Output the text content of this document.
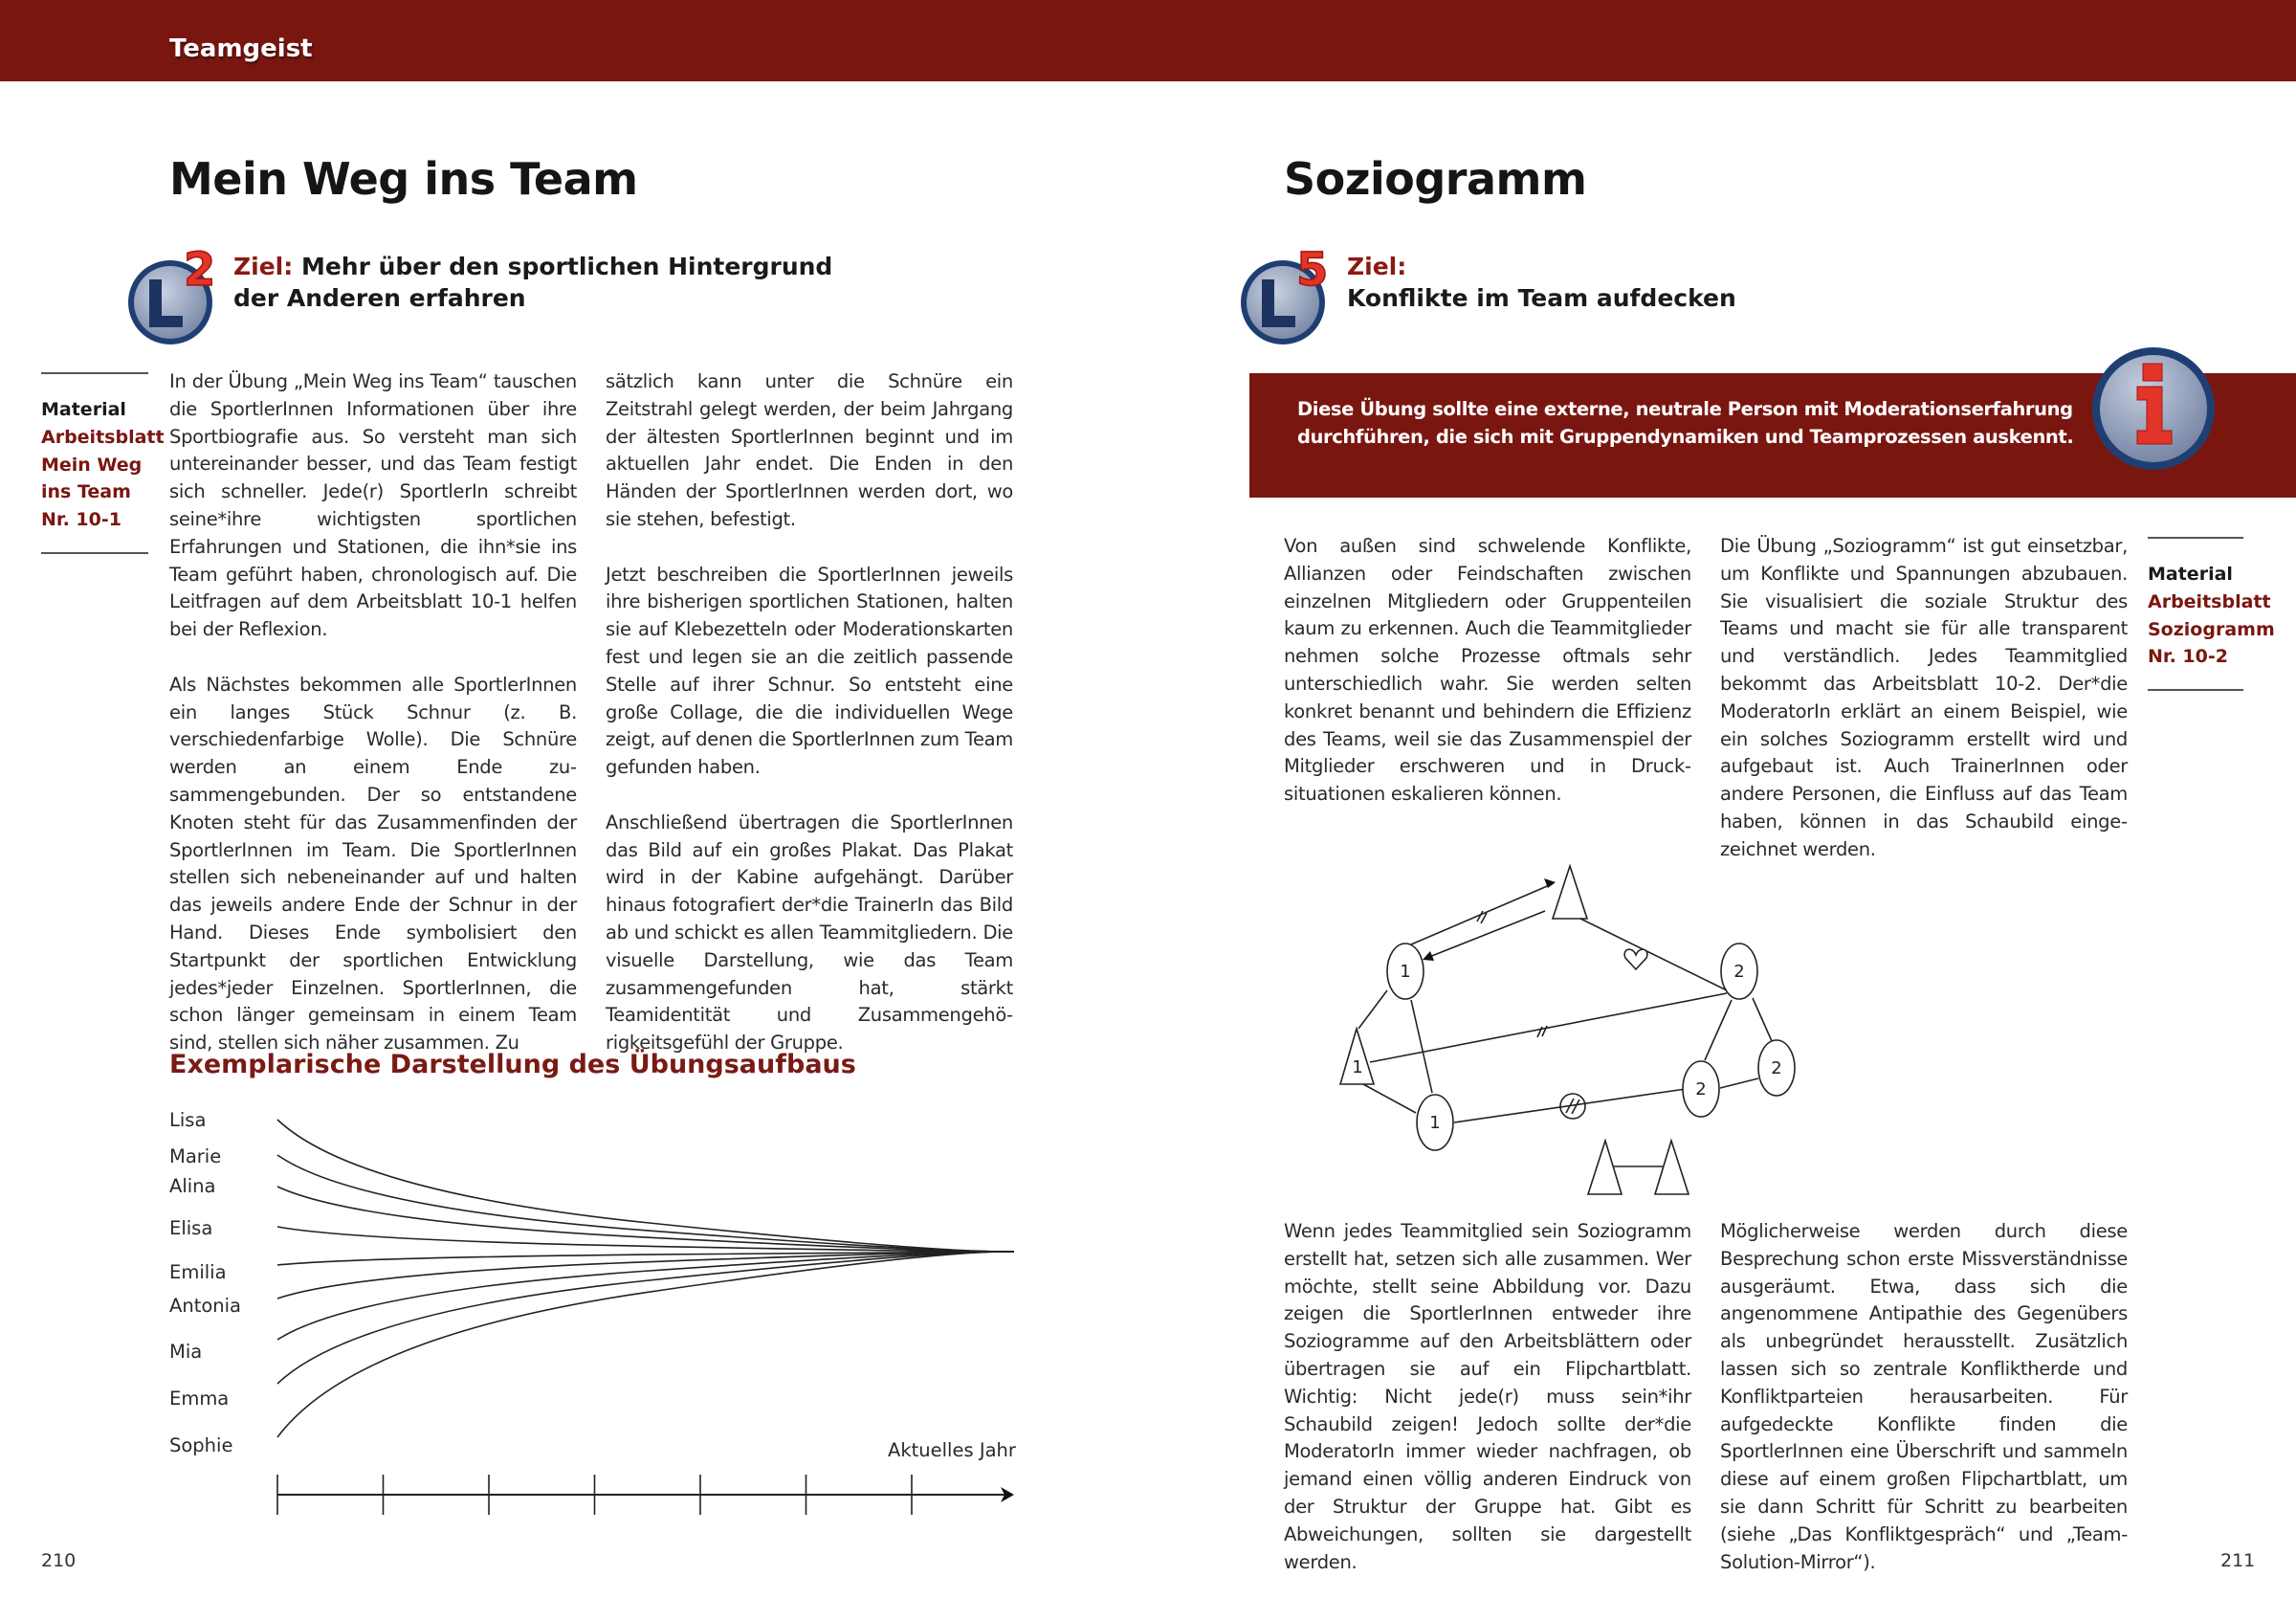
Teamgeist
Mein Weg ins Team
2 Ziel: Mehr über den sportlichen Hintergrund
der Anderen erfahren
Material
Arbeitsblatt
Mein Weg
ins Team
Nr. 10-1

In der Übung „Mein Weg ins Team“ tauschen die SportlerInnen Informationen über ihre Sportbiografie aus. So versteht man sich untereinander besser, und das Team festigt sich schneller. Jede(r) SportlerIn schreibt seine*ihre wichtigsten sportlichen Erfahrungen und Stationen, die ihn*sie ins Team geführt haben, chronologisch auf. Die Leitfragen auf dem Arbeitsblatt 10-1 helfen bei der Reflexion.

Als Nächstes bekommen alle SportlerInnen ein langes Stück Schnur (z. B. verschiedenfarbige Wolle). Die Schnüre werden an einem Ende zusammengebunden. Der so entstandene Knoten steht für das Zusammenfinden der SportlerInnen im Team. Die SportlerInnen stellen sich nebeneinander auf und halten das jeweils andere Ende der Schnur in der Hand. Dieses Ende symbolisiert den Startpunkt der sportlichen Entwicklung jedes*jeder Einzelnen. SportlerInnen, die schon länger gemeinsam in einem Team sind, stellen sich näher zusammen. Zu

sätzlich kann unter die Schnüre ein Zeitstrahl gelegt werden, der beim Jahrgang der ältesten SportlerInnen beginnt und im aktuellen Jahr endet. Die Enden in den Händen der SportlerInnen werden dort, wo sie stehen, befestigt.

Jetzt beschreiben die SportlerInnen jeweils ihre bisherigen sportlichen Stationen, halten sie auf Klebezetteln oder Moderationskarten fest und legen sie an die zeitlich passende Stelle auf ihrer Schnur. So entsteht eine große Collage, die die individuellen Wege zeigt, auf denen die SportlerInnen zum Team gefunden haben.

Anschließend übertragen die SportlerInnen das Bild auf ein großes Plakat. Das Plakat wird in der Kabine aufgehängt. Darüber hinaus fotografiert der*die TrainerIn das Bild ab und schickt es allen Teammitgliedern. Die visuelle Darstellung, wie das Team zusammengefunden hat, stärkt Teamidentität und Zusammengehörigkeitsgefühl der Gruppe.

Exemplarische Darstellung des Übungsaufbaus
Lisa
Marie
Alina
Elisa
Emilia
Antonia
Mia
Emma
Sophie	Aktuelles Jahr
210
Soziogramm
5 Ziel:
Konflikte im Team aufdecken
Diese Übung sollte eine externe, neutrale Person mit Moderationserfahrung
durchführen, die sich mit Gruppendynamiken und Teamprozessen auskennt.
Material
Arbeitsblatt
Soziogramm
Nr. 10-2

Von außen sind schwelende Konflikte, Allianzen oder Feindschaften zwischen einzelnen Mitgliedern oder Gruppenteilen kaum zu erkennen. Auch die Teammitglieder nehmen solche Prozesse oftmals sehr unterschiedlich wahr. Sie werden selten konkret benannt und behindern die Effizienz des Teams, weil sie das Zusammenspiel der Mitglieder erschweren und in Drucksituationen eskalieren können.

Die Übung „Soziogramm“ ist gut einsetzbar, um Konflikte und Spannungen abzubauen. Sie visualisiert die soziale Struktur des Teams und macht sie für alle transparent und verständlich. Jedes Teammitglied bekommt das Arbeitsblatt 10-2. Der*die ModeratorIn erklärt an einem Beispiel, wie ein solches Soziogramm erstellt wird und aufgebaut ist. Auch TrainerInnen oder andere Personen, die Einfluss auf das Team haben, können in das Schaubild eingezeichnet werden.

1
1
1
2
2
2

Wenn jedes Teammitglied sein Soziogramm erstellt hat, setzen sich alle zusammen. Wer möchte, stellt seine Abbildung vor. Dazu zeigen die SportlerInnen entweder ihre Soziogramme auf den Arbeitsblättern oder übertragen sie auf ein Flipchartblatt. Wichtig: Nicht jede(r) muss sein*ihr Schaubild zeigen! Jedoch sollte der*die ModeratorIn immer wieder nachfragen, ob jemand einen völlig anderen Eindruck von der Struktur der Gruppe hat. Gibt es Abweichungen, sollten sie dargestellt werden.

Möglicherweise werden durch diese Besprechung schon erste Missverständnisse ausgeräumt. Etwa, dass sich die angenommene Antipathie des Gegenübers als unbegründet herausstellt. Zusätzlich lassen sich so zentrale Konfliktherde und Konfliktparteien herausarbeiten. Für aufgedeckte Konflikte finden die SportlerInnen eine Überschrift und sammeln diese auf einem großen Flipchartblatt, um sie dann Schritt für Schritt zu bearbeiten (siehe „Das Konfliktgespräch“ und „Team-Solution-Mirror“).	211
